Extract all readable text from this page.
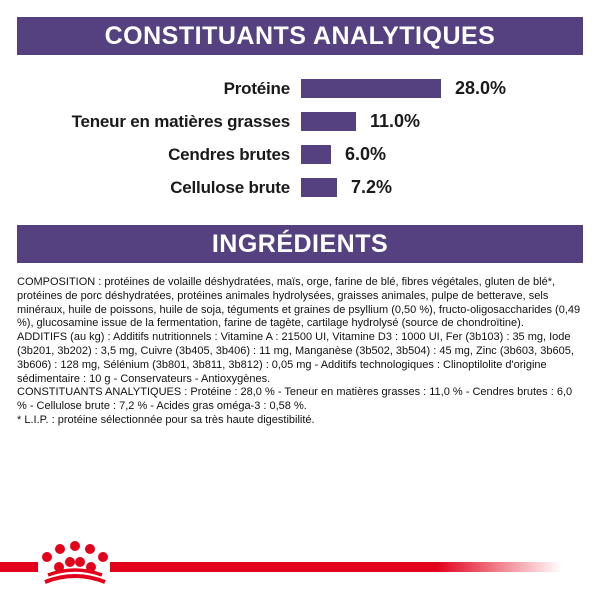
CONSTITUANTS ANALYTIQUES
Protéine	28.0%
Teneur en matières grasses	11.0%
Cendres brutes	6.0%
Cellulose brute	7.2%
INGRÉDIENTS

COMPOSITION : protéines de volaille déshydratées, maïs, orge, farine de blé, fibres végétales, gluten de blé*, protéines de porc déshydratées, protéines animales hydrolysées, graisses animales, pulpe de betterave, sels minéraux, huile de poissons, huile de soja, téguments et graines de psyllium (0,50 %), fructo-oligosaccharides (0,49 %), glucosamine issue de la fermentation, farine de tagète, cartilage hydrolysé (source de chondroïtine).

ADDITIFS (au kg) : Additifs nutritionnels : Vitamine A : 21500 UI, Vitamine D3 : 1000 UI, Fer (3b103) : 35 mg, Iode (3b201, 3b202) : 3,5 mg, Cuivre (3b405, 3b406) : 11 mg, Manganèse (3b502, 3b504) : 45 mg, Zinc (3b603, 3b605, 3b606) : 128 mg, Sélénium (3b801, 3b811, 3b812) : 0,05 mg - Additifs technologiques : Clinoptilolite d'origine sédimentaire : 10 g - Conservateurs - Antioxygènes.

CONSTITUANTS ANALYTIQUES : Protéine : 28,0 % - Teneur en matières grasses : 11,0 % - Cendres brutes : 6,0 % - Cellulose brute : 7,2 % - Acides gras oméga-3 : 0,58 %.

* L.I.P. : protéine sélectionnée pour sa très haute digestibilité.
